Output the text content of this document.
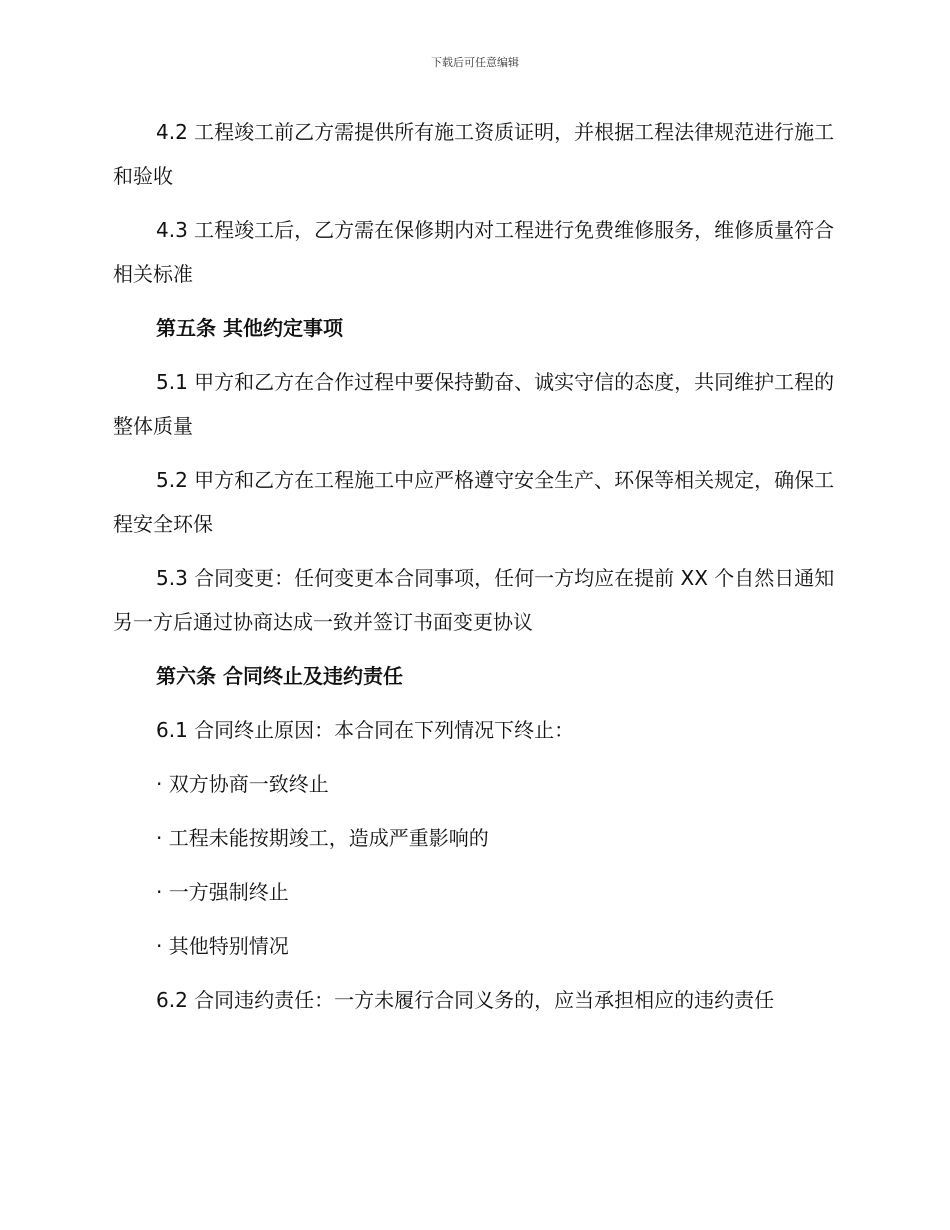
下载后可任意编辑

4.2 工程竣工前乙方需提供所有施工资质证明，并根据工程法律规范进行施工和验收

4.3 工程竣工后，乙方需在保修期内对工程进行免费维修服务，维修质量符合相关标准

第五条 其他约定事项

5.1 甲方和乙方在合作过程中要保持勤奋、诚实守信的态度，共同维护工程的整体质量

5.2 甲方和乙方在工程施工中应严格遵守安全生产、环保等相关规定，确保工程安全环保

5.3 合同变更：任何变更本合同事项，任何一方均应在提前 XX 个自然日通知另一方后通过协商达成一致并签订书面变更协议

第六条 合同终止及违约责任

6.1 合同终止原因：本合同在下列情况下终止：

· 双方协商一致终止

· 工程未能按期竣工，造成严重影响的

· 一方强制终止

· 其他特别情况

6.2 合同违约责任：一方未履行合同义务的，应当承担相应的违约责任
